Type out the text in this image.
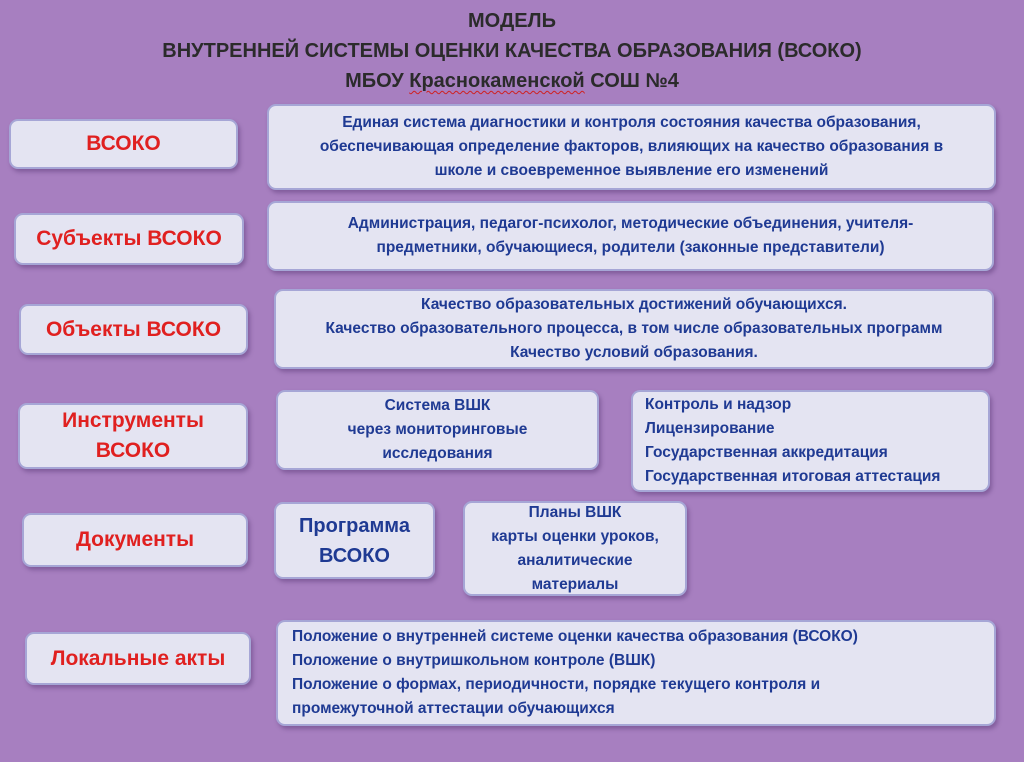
МОДЕЛЬ
ВНУТРЕННЕЙ СИСТЕМЫ ОЦЕНКИ КАЧЕСТВА ОБРАЗОВАНИЯ (ВСОКО)
МБОУ Краснокаменской СОШ №4
ВСОКО
Единая система диагностики и контроля состояния качества образования,
обеспечивающая определение факторов, влияющих на качество образования в
школе и своевременное выявление его изменений
Субъекты ВСОКО
Администрация, педагог-психолог, методические объединения, учителя-
предметники, обучающиеся, родители (законные представители)
Объекты ВСОКО
Качество образовательных достижений обучающихся.
Качество образовательного процесса, в том числе образовательных программ
Качество условий образования.
Инструменты
ВСОКО
Система ВШК
через мониторинговые
исследования
Контроль и надзор
Лицензирование
Государственная аккредитация
Государственная итоговая аттестация
Документы
Программа
ВСОКО
Планы ВШК
карты оценки уроков,
аналитические
материалы
Локальные акты
Положение о внутренней системе оценки качества образования (ВСОКО)
Положение о внутришкольном контроле (ВШК)
Положение о формах, периодичности, порядке текущего контроля и
промежуточной аттестации обучающихся
